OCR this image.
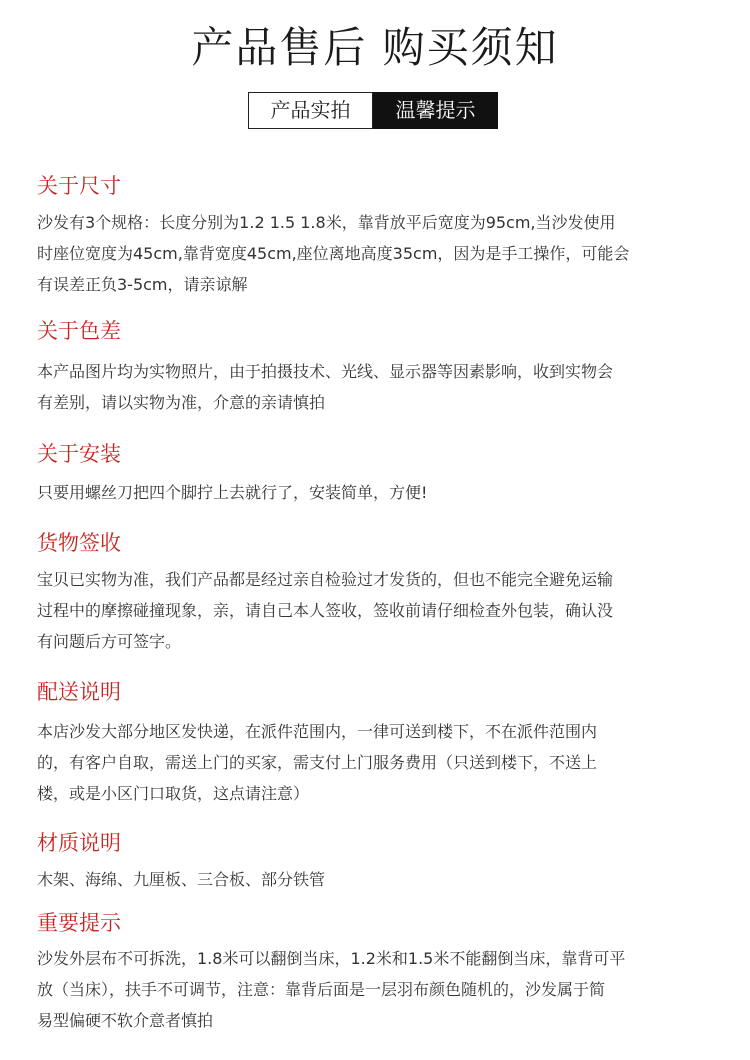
产品售后 购买须知
产品实拍	温馨提示
关于尺寸
沙发有3个规格：长度分别为1.2 1.5 1.8米，靠背放平后宽度为95cm,当沙发使用
时座位宽度为45cm,靠背宽度45cm,座位离地高度35cm，因为是手工操作，可能会
有误差正负3-5cm，请亲谅解
关于色差
本产品图片均为实物照片，由于拍摄技术、光线、显示器等因素影响，收到实物会
有差别，请以实物为准，介意的亲请慎拍
关于安装
只要用螺丝刀把四个脚拧上去就行了，安装简单，方便!
货物签收
宝贝已实物为准，我们产品都是经过亲自检验过才发货的，但也不能完全避免运输
过程中的摩擦碰撞现象，亲，请自己本人签收，签收前请仔细检查外包装，确认没
有问题后方可签字。
配送说明
本店沙发大部分地区发快递，在派件范围内，一律可送到楼下，不在派件范围内
的，有客户自取，需送上门的买家，需支付上门服务费用（只送到楼下，不送上
楼，或是小区门口取货，这点请注意）
材质说明
木架、海绵、九厘板、三合板、部分铁管
重要提示
沙发外层布不可拆洗，1.8米可以翻倒当床，1.2米和1.5米不能翻倒当床，靠背可平
放（当床），扶手不可调节，注意：靠背后面是一层羽布颜色随机的，沙发属于简
易型偏硬不软介意者慎拍
